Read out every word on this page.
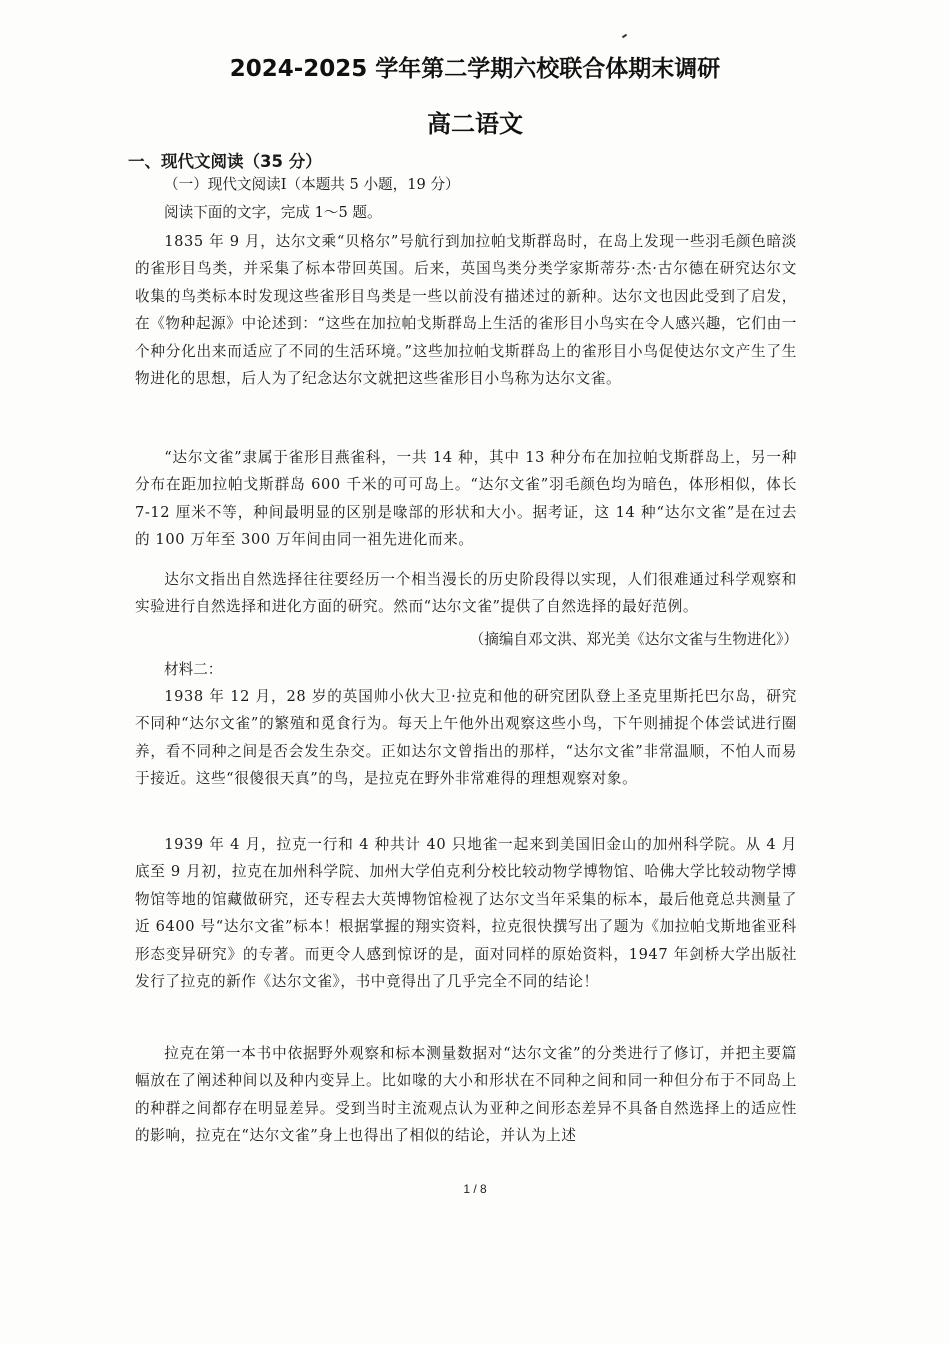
2024-2025 学年第二学期六校联合体期末调研
高二语文
一、现代文阅读（35 分）
（一）现代文阅读Ⅰ（本题共 5 小题，19 分）
阅读下面的文字，完成 1～5 题。
1835 年 9 月，达尔文乘“贝格尔”号航行到加拉帕戈斯群岛时，在岛上发现一些羽毛颜色暗淡的雀形目鸟类，并采集了标本带回英国。后来，英国鸟类分类学家斯蒂芬·杰·古尔德在研究达尔文收集的鸟类标本时发现这些雀形目鸟类是一些以前没有描述过的新种。达尔文也因此受到了启发，在《物种起源》中论述到：“这些在加拉帕戈斯群岛上生活的雀形目小鸟实在令人感兴趣，它们由一个种分化出来而适应了不同的生活环境。”这些加拉帕戈斯群岛上的雀形目小鸟促使达尔文产生了生物进化的思想，后人为了纪念达尔文就把这些雀形目小鸟称为达尔文雀。
“达尔文雀”隶属于雀形目燕雀科，一共 14 种，其中 13 种分布在加拉帕戈斯群岛上，另一种分布在距加拉帕戈斯群岛 600 千米的可可岛上。“达尔文雀”羽毛颜色均为暗色，体形相似，体长 7-12 厘米不等，种间最明显的区别是喙部的形状和大小。据考证，这 14 种“达尔文雀”是在过去的 100 万年至 300 万年间由同一祖先进化而来。
达尔文指出自然选择往往要经历一个相当漫长的历史阶段得以实现，人们很难通过科学观察和实验进行自然选择和进化方面的研究。然而“达尔文雀”提供了自然选择的最好范例。
（摘编自邓文洪、郑光美《达尔文雀与生物进化》）
材料二：
1938 年 12 月，28 岁的英国帅小伙大卫·拉克和他的研究团队登上圣克里斯托巴尔岛，研究不同种“达尔文雀”的繁殖和觅食行为。每天上午他外出观察这些小鸟，下午则捕捉个体尝试进行圈养，看不同种之间是否会发生杂交。正如达尔文曾指出的那样，“达尔文雀”非常温顺，不怕人而易于接近。这些“很傻很天真”的鸟，是拉克在野外非常难得的理想观察对象。
1939 年 4 月，拉克一行和 4 种共计 40 只地雀一起来到美国旧金山的加州科学院。从 4 月底至 9 月初，拉克在加州科学院、加州大学伯克利分校比较动物学博物馆、哈佛大学比较动物学博物馆等地的馆藏做研究，还专程去大英博物馆检视了达尔文当年采集的标本，最后他竟总共测量了近 6400 号“达尔文雀”标本！根据掌握的翔实资料，拉克很快撰写出了题为《加拉帕戈斯地雀亚科形态变异研究》的专著。而更令人感到惊讶的是，面对同样的原始资料，1947 年剑桥大学出版社发行了拉克的新作《达尔文雀》，书中竟得出了几乎完全不同的结论！
拉克在第一本书中依据野外观察和标本测量数据对“达尔文雀”的分类进行了修订，并把主要篇幅放在了阐述种间以及种内变异上。比如喙的大小和形状在不同种之间和同一种但分布于不同岛上的种群之间都存在明显差异。受到当时主流观点认为亚种之间形态差异不具备自然选择上的适应性的影响，拉克在“达尔文雀”身上也得出了相似的结论，并认为上述
1 / 8
